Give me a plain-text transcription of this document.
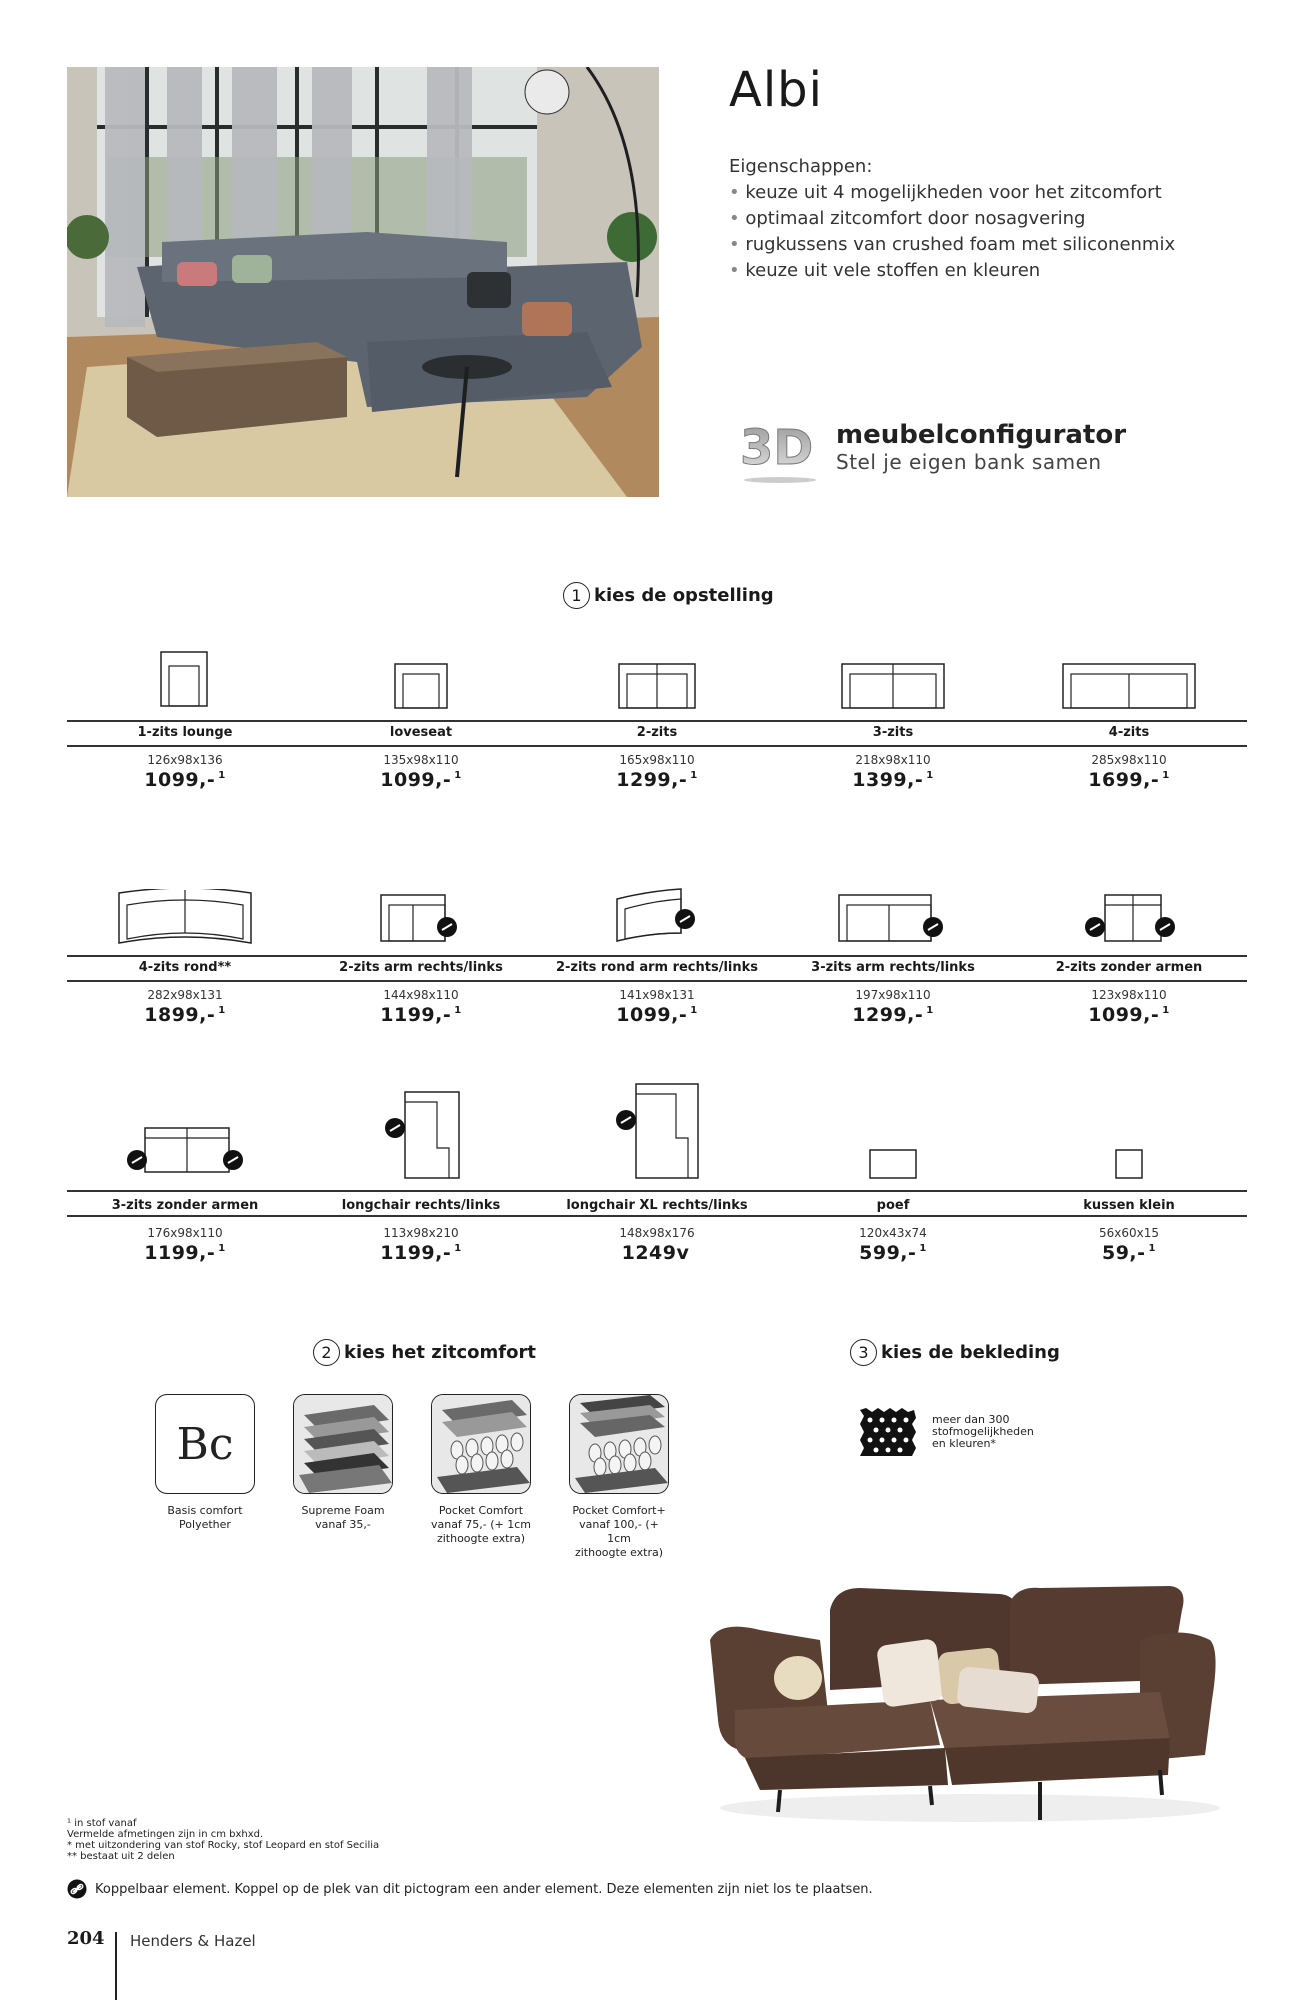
Albi
Eigenschappen:
• keuze uit 4 mogelijkheden voor het zitcomfort
• optimaal zitcomfort door nosagvering
• rugkussens van crushed foam met siliconenmix
• keuze uit vele stoffen en kleuren
3D meubelconfigurator
Stel je eigen bank samen
1 kies de opstelling
1-zits lounge
126x98x136
1099,- $^1$
loveseat
135x98x110
1099,- $^1$
2-zits
165x98x110
1299,- $^1$
3-zits
218x98x110
1399,- $^1$
4-zits
285x98x110
1699,- $^1$
4-zits rond**
282x98x131
1899,- $^1$
2-zits arm rechts/links
144x98x110
1199,- $^1$
2-zits rond arm rechts/links
141x98x131
1099,- $^1$
3-zits arm rechts/links
197x98x110
1299,- $^1$
2-zits zonder armen
123x98x110
1099,- $^1$
3-zits zonder armen
176x98x110
1199,- $^1$
longchair rechts/links
113x98x210
1199,- $^1$
longchair XL rechts/links
148x98x176
1249v
poef
120x43x74
599,- $^1$
kussen klein
56x60x15
59,- $^1$
2 kies het zitcomfort	3 kies de bekleding
Bc
Basis comfort
Polyether
Supreme Foam
vanaf 35,-
Pocket Comfort
vanaf 75,- (+ 1cm
zithoogte extra)
Pocket Comfort+
vanaf 100,- (+ 1cm
zithoogte extra)
meer dan 300
stofmogelijkheden
en kleuren*
¹ in stof vanaf
Vermelde afmetingen zijn in cm bxhxd.
* met uitzondering van stof Rocky, stof Leopard en stof Secilia
** bestaat uit 2 delen
Koppelbaar element. Koppel op de plek van dit pictogram een ander element. Deze elementen zijn niet los te plaatsen.
204 Henders & Hazel
